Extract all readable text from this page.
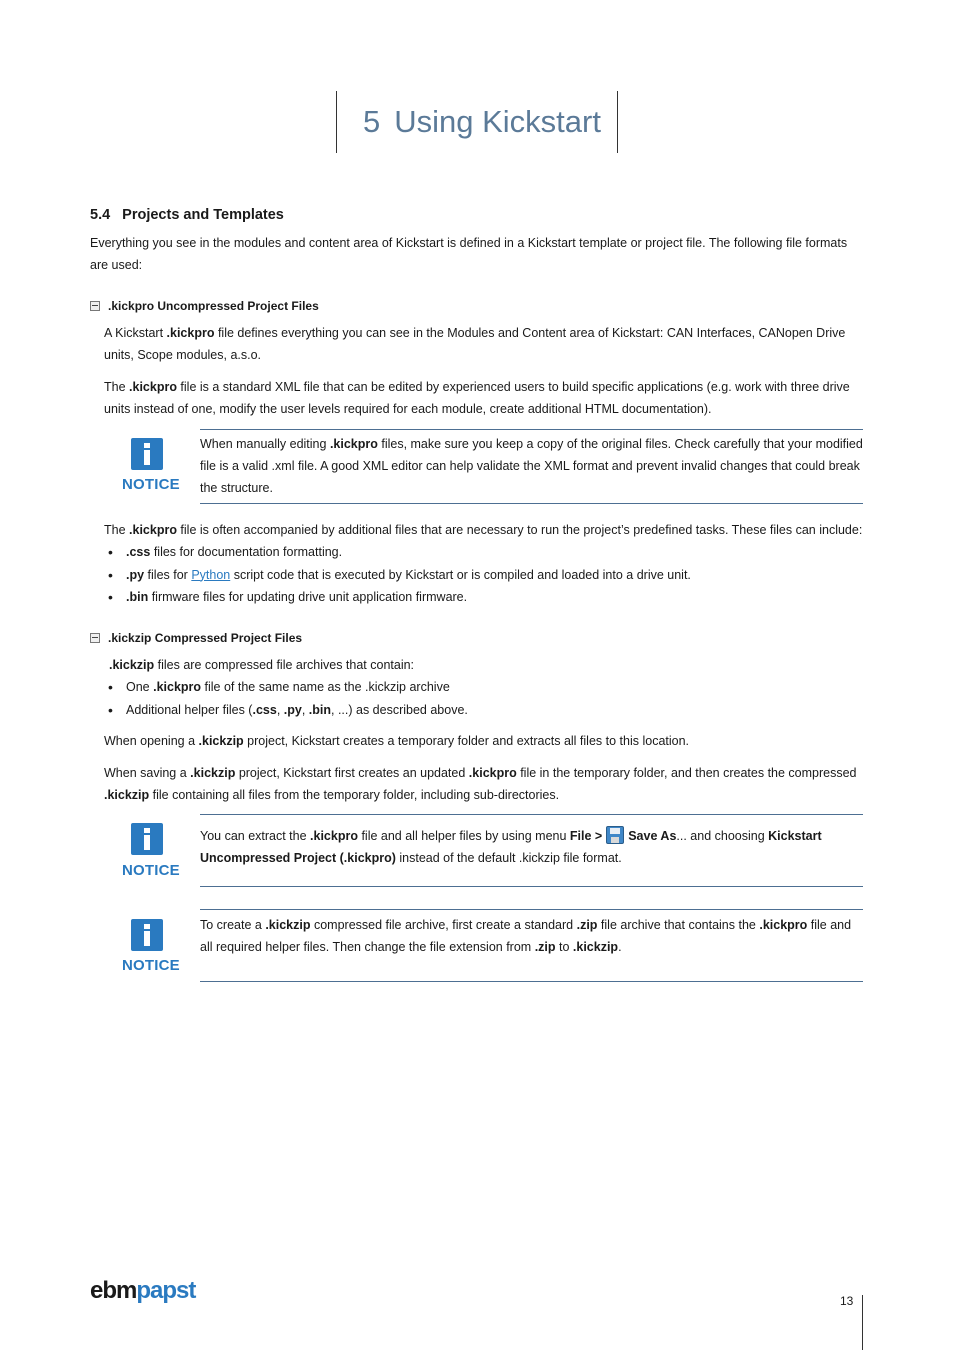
5 Using Kickstart
5.4 Projects and Templates
Everything you see in the modules and content area of Kickstart is defined in a Kickstart template or project file. The following file formats
are used:
.kickpro Uncompressed Project Files
A Kickstart .kickpro file defines everything you can see in the Modules and Content area of Kickstart: CAN Interfaces, CANopen Drive
units, Scope modules, a.s.o.
The .kickpro file is a standard XML file that can be edited by experienced users to build specific applications (e.g. work with three drive
units instead of one, modify the user levels required for each module, create additional HTML documentation).
NOTICE
When manually editing .kickpro files, make sure you keep a copy of the original files. Check carefully that your modified
file is a valid .xml file. A good XML editor can help validate the XML format and prevent invalid changes that could break
the structure.
The .kickpro file is often accompanied by additional files that are necessary to run the project’s predefined tasks. These files can include:
• .css files for documentation formatting.
• .py files for Python script code that is executed by Kickstart or is compiled and loaded into a drive unit.
• .bin firmware files for updating drive unit application firmware.
.kickzip Compressed Project Files
.kickzip files are compressed file archives that contain:
• One .kickpro file of the same name as the .kickzip archive
• Additional helper files (.css, .py, .bin, ...) as described above.
When opening a .kickzip project, Kickstart creates a temporary folder and extracts all files to this location.
When saving a .kickzip project, Kickstart first creates an updated .kickpro file in the temporary folder, and then creates the compressed
.kickzip file containing all files from the temporary folder, including sub-directories.
NOTICE
You can extract the .kickpro file and all helper files by using menu File > Save As... and choosing Kickstart
Uncompressed Project (.kickpro) instead of the default .kickzip file format.
NOTICE
To create a .kickzip compressed file archive, first create a standard .zip file archive that contains the .kickpro file and
all required helper files. Then change the file extension from .zip to .kickzip.
ebmpapst	13
